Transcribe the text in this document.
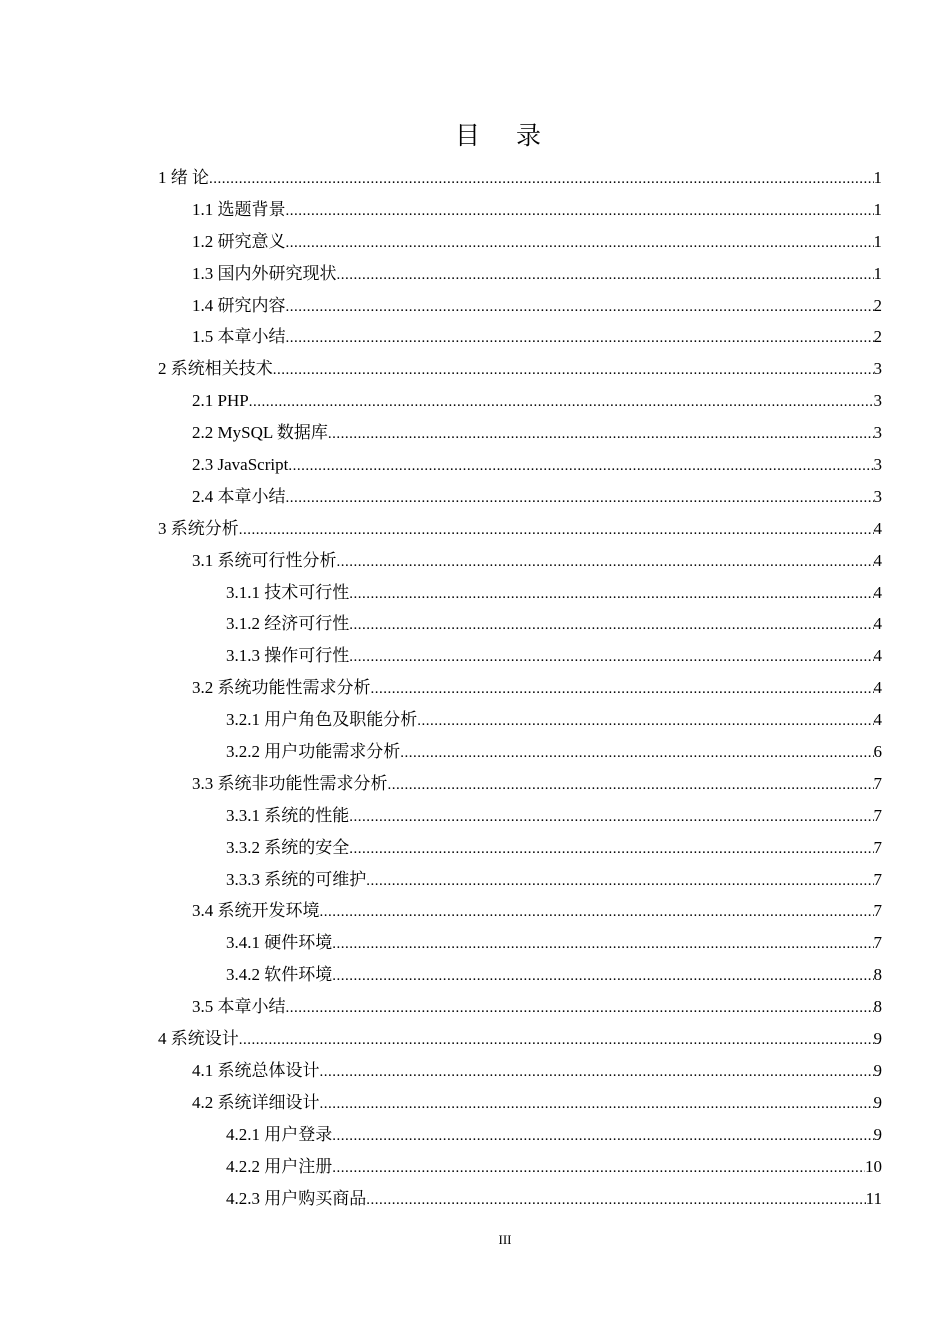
目 录
1 绪 论 .....	1
1.1 选题背景 .....	1
1.2 研究意义 .....	1
1.3 国内外研究现状 .....	1
1.4 研究内容 .....	2
1.5 本章小结 .....	2
2 系统相关技术 .....	3
2.1 PHP .....	3
2.2 MySQL 数据库 .....	3
2.3 JavaScript .....	3
2.4 本章小结 .....	3
3 系统分析 .....	4
3.1 系统可行性分析 .....	4
3.1.1 技术可行性 .....	4
3.1.2 经济可行性 .....	4
3.1.3 操作可行性 .....	4
3.2 系统功能性需求分析 .....	4
3.2.1 用户角色及职能分析 .....	4
3.2.2 用户功能需求分析 .....	6
3.3 系统非功能性需求分析 .....	7
3.3.1 系统的性能 .....	7
3.3.2 系统的安全 .....	7
3.3.3 系统的可维护 .....	7
3.4 系统开发环境 .....	7
3.4.1 硬件环境 .....	7
3.4.2 软件环境 .....	8
3.5 本章小结 .....	8
4 系统设计 .....	9
4.1 系统总体设计 .....	9
4.2 系统详细设计 .....	9
4.2.1 用户登录 .....	9
4.2.2 用户注册 .....	10
4.2.3 用户购买商品 .....	11
III
